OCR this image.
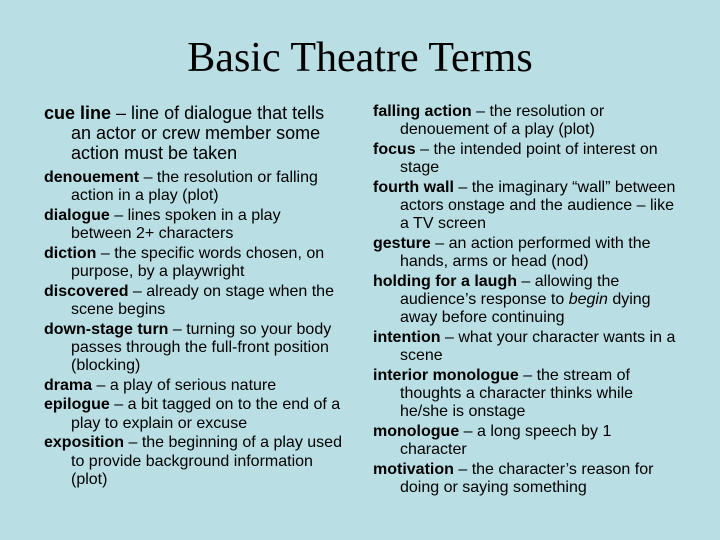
Basic Theatre Terms

cue line – line of dialogue that tells an actor or crew member some action must be taken

denouement – the resolution or falling action in a play (plot)

dialogue – lines spoken in a play between 2+ characters

diction – the specific words chosen, on purpose, by a playwright

discovered – already on stage when the scene begins

down-stage turn – turning so your body passes through the full-front position (blocking)

drama – a play of serious nature

epilogue – a bit tagged on to the end of a play to explain or excuse

exposition – the beginning of a play used to provide background information (plot)

falling action – the resolution or denouement of a play (plot)

focus – the intended point of interest on stage

fourth wall – the imaginary “wall” between actors onstage and the audience – like a TV screen

gesture – an action performed with the hands, arms or head (nod)

holding for a laugh – allowing the audience’s response to begin dying away before continuing

intention – what your character wants in a scene

interior monologue – the stream of thoughts a character thinks while he/she is onstage

monologue – a long speech by 1 character

motivation – the character’s reason for doing or saying something
